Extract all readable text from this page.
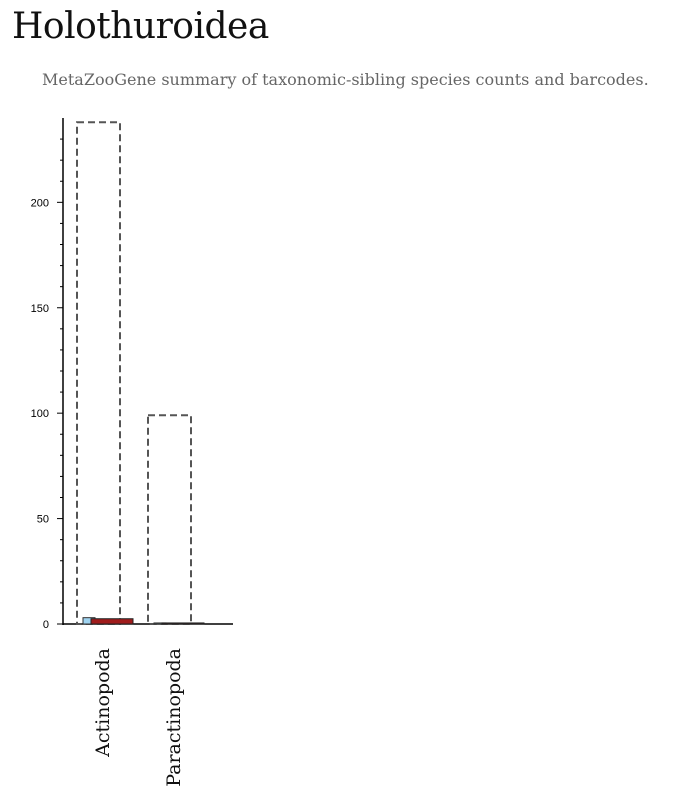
Holothuroidea

MetaZooGene summary of taxonomic-sibling species counts and barcodes.

0
50
100
150
200
Actinopoda	Paractinopoda
